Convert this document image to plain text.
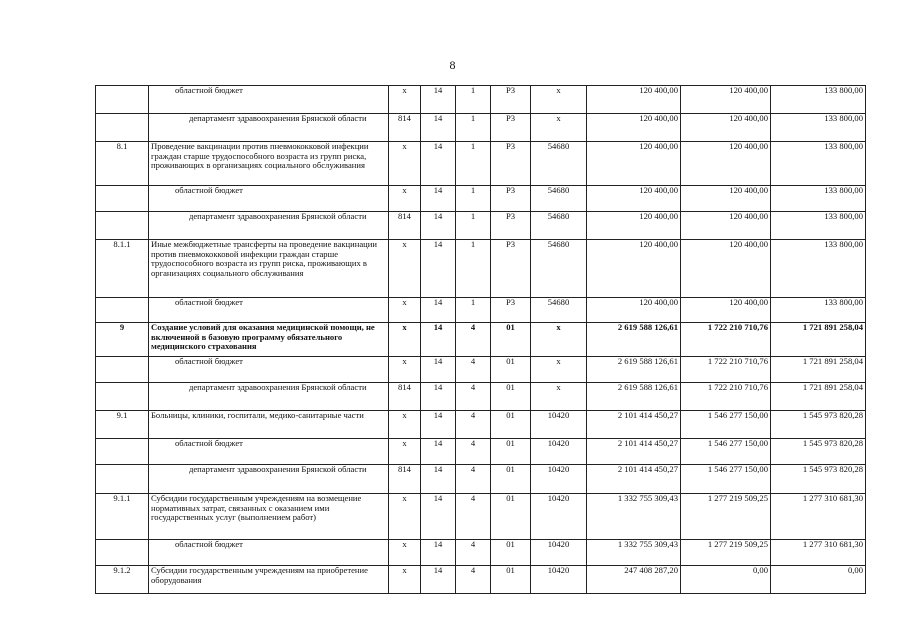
8
	областной бюджет	x	14	1	P3	x	120 400,00	120 400,00	133 800,00
	департамент здравоохранения Брянской области	814	14	1	P3	x	120 400,00	120 400,00	133 800,00
8.1	Проведение вакцинации против пневмококковой инфекции граждан старше трудоспособного возраста из групп риска, проживающих в организациях социального обслуживания	x	14	1	P3	54680	120 400,00	120 400,00	133 800,00
	областной бюджет	x	14	1	P3	54680	120 400,00	120 400,00	133 800,00
	департамент здравоохранения Брянской области	814	14	1	P3	54680	120 400,00	120 400,00	133 800,00
8.1.1	Иные межбюджетные трансферты на проведение вакцинации против пневмококковой инфекции граждан старше трудоспособного возраста из групп риска, проживающих в организациях социального обслуживания	x	14	1	P3	54680	120 400,00	120 400,00	133 800,00
	областной бюджет	x	14	1	P3	54680	120 400,00	120 400,00	133 800,00
9	Создание условий для оказания медицинской помощи, не включенной в базовую программу обязательного медицинского страхования	x	14	4	01	x	2 619 588 126,61	1 722 210 710,76	1 721 891 258,04
	областной бюджет	x	14	4	01	x	2 619 588 126,61	1 722 210 710,76	1 721 891 258,04
	департамент здравоохранения Брянской области	814	14	4	01	x	2 619 588 126,61	1 722 210 710,76	1 721 891 258,04
9.1	Больницы, клиники, госпитали, медико-санитарные части	x	14	4	01	10420	2 101 414 450,27	1 546 277 150,00	1 545 973 820,28
	областной бюджет	x	14	4	01	10420	2 101 414 450,27	1 546 277 150,00	1 545 973 820,28
	департамент здравоохранения Брянской области	814	14	4	01	10420	2 101 414 450,27	1 546 277 150,00	1 545 973 820,28
9.1.1	Субсидии государственным учреждениям на возмещение нормативных затрат, связанных с оказанием ими государственных услуг (выполнением работ)	x	14	4	01	10420	1 332 755 309,43	1 277 219 509,25	1 277 310 681,30
	областной бюджет	x	14	4	01	10420	1 332 755 309,43	1 277 219 509,25	1 277 310 681,30
9.1.2	Субсидии государственным учреждениям на приобретение оборудования	x	14	4	01	10420	247 408 287,20	0,00	0,00
